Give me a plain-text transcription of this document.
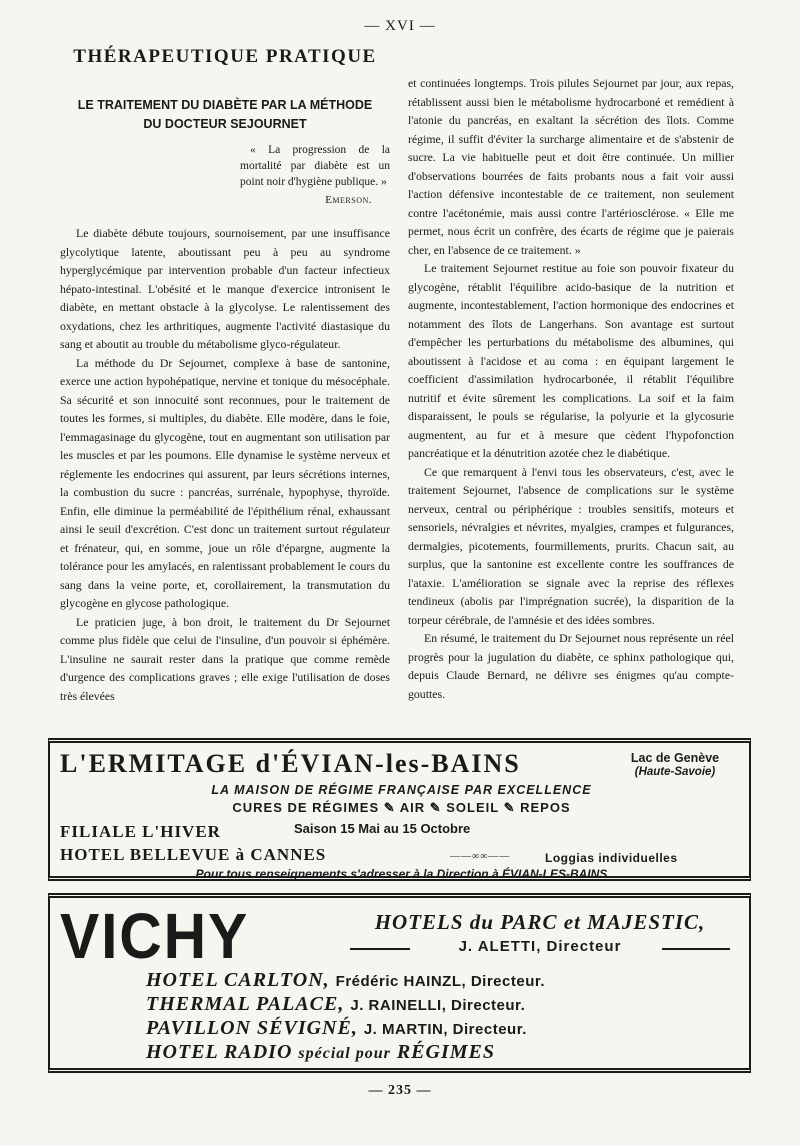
— XVI —
THÉRAPEUTIQUE PRATIQUE
LE TRAITEMENT DU DIABÈTE PAR LA MÉTHODE
DU DOCTEUR SEJOURNET
« La progression de la mortalité par diabète est un point noir d'hygiène publique. »
Emerson.

Le diabète débute toujours, sournoisement, par une insuffisance glycolytique latente, aboutissant peu à peu au syndrome hyperglycémique par intervention probable d'un facteur infectieux hépato-intestinal. L'obésité et le manque d'exercice intronisent le diabète, en mettant obstacle à la glycolyse. Le ralentissement des oxydations, chez les arthritiques, augmente l'activité diastasique du sang et aboutit au trouble du métabolisme glyco-régulateur.

La méthode du Dr Sejournet, complexe à base de santonine, exerce une action hypohépatique, nervine et tonique du mésocéphale. Sa sécurité et son innocuité sont reconnues, pour le traitement de toutes les formes, si multiples, du diabète. Elle modère, dans le foie, l'emmagasinage du glycogène, tout en augmentant son utilisation par les muscles et par les poumons. Elle dynamise le système nerveux et réglemente les endocrines qui assurent, par leurs sécrétions internes, la combustion du sucre : pancréas, surrénale, hypophyse, thyroïde. Enfin, elle diminue la perméabilité de l'épithélium rénal, exhaussant ainsi le seuil d'excrétion. C'est donc un traitement surtout régulateur et frénateur, qui, en somme, joue un rôle d'épargne, augmente la tolérance pour les amylacés, en ralentissant probablement le cours du sang dans la veine porte, et, corollairement, la transmutation du glycogène en glycose pathologique.

Le praticien juge, à bon droit, le traitement du Dr Sejournet comme plus fidèle que celui de l'insuline, d'un pouvoir si éphémère. L'insuline ne saurait rester dans la pratique que comme remède d'urgence des complications graves ; elle exige l'utilisation de doses très élevées

et continuées longtemps. Trois pilules Sejournet par jour, aux repas, rétablissent aussi bien le métabolisme hydrocarboné et remédient à l'atonie du pancréas, en exaltant la sécrétion des îlots. Comme régime, il suffit d'éviter la surcharge alimentaire et de s'abstenir de sucre. La vie habituelle peut et doit être continuée. Un millier d'observations bourrées de faits probants nous a fait voir aussi l'action défensive incontestable de ce traitement, non seulement contre l'acétonémie, mais aussi contre l'artériosclérose. « Elle me permet, nous écrit un confrère, des écarts de régime que je paierais cher, en l'absence de ce traitement. »

Le traitement Sejournet restitue au foie son pouvoir fixateur du glycogène, rétablit l'équilibre acido-basique de la nutrition et augmente, incontestablement, l'action hormonique des endocrines et notamment des îlots de Langerhans. Son avantage est surtout d'empêcher les perturbations du métabolisme des albumines, qui aboutissent à l'acidose et au coma : en équipant largement le coefficient d'assimilation hydrocarbonée, il rétablit l'équilibre nutritif et évite sûrement les complications. La soif et la faim disparaissent, le pouls se régularise, la polyurie et la glycosurie augmentent, au fur et à mesure que cèdent l'hypofonction pancréatique et la dénutrition azotée chez le diabétique.

Ce que remarquent à l'envi tous les observateurs, c'est, avec le traitement Sejournet, l'absence de complications sur le système nerveux, central ou périphérique : troubles sensitifs, moteurs et sensoriels, névralgies et névrites, myalgies, crampes et fulgurances, dermalgies, picotements, fourmillements, prurits. Chacun sait, au surplus, que la santonine est excellente contre les souffrances de l'ataxie. L'amélioration se signale avec la reprise des réflexes tendineux (abolis par l'imprégnation sucrée), la disparition de la torpeur cérébrale, de l'amnésie et des idées sombres.

En résumé, le traitement du Dr Sejournet nous représente un réel progrès pour la jugulation du diabète, ce sphinx pathologique qui, depuis Claude Bernard, ne délivre ses énigmes qu'au compte-gouttes.

L'ERMITAGE d'ÉVIAN-les-BAINS	Lac de Genève
(Haute-Savoie)
LA MAISON DE RÉGIME FRANÇAISE PAR EXCELLENCE
CURES DE RÉGIMES ✎ AIR ✎ SOLEIL ✎ REPOS
FILIALE L'HIVER	Saison 15 Mai au 15 Octobre
HOTEL BELLEVUE à CANNES	——∞∞——	Loggias individuelles
Pour tous renseignements s'adresser à la Direction à ÉVIAN-LES-BAINS
VICHY	HOTELS du PARC et MAJESTIC,
J. ALETTI, Directeur
HOTEL CARLTON, Frédéric HAINZL, Directeur.
THERMAL PALACE, J. RAINELLI, Directeur.
PAVILLON SÉVIGNÉ, J. MARTIN, Directeur.
HOTEL RADIO spécial pour RÉGIMES
— 235 —
